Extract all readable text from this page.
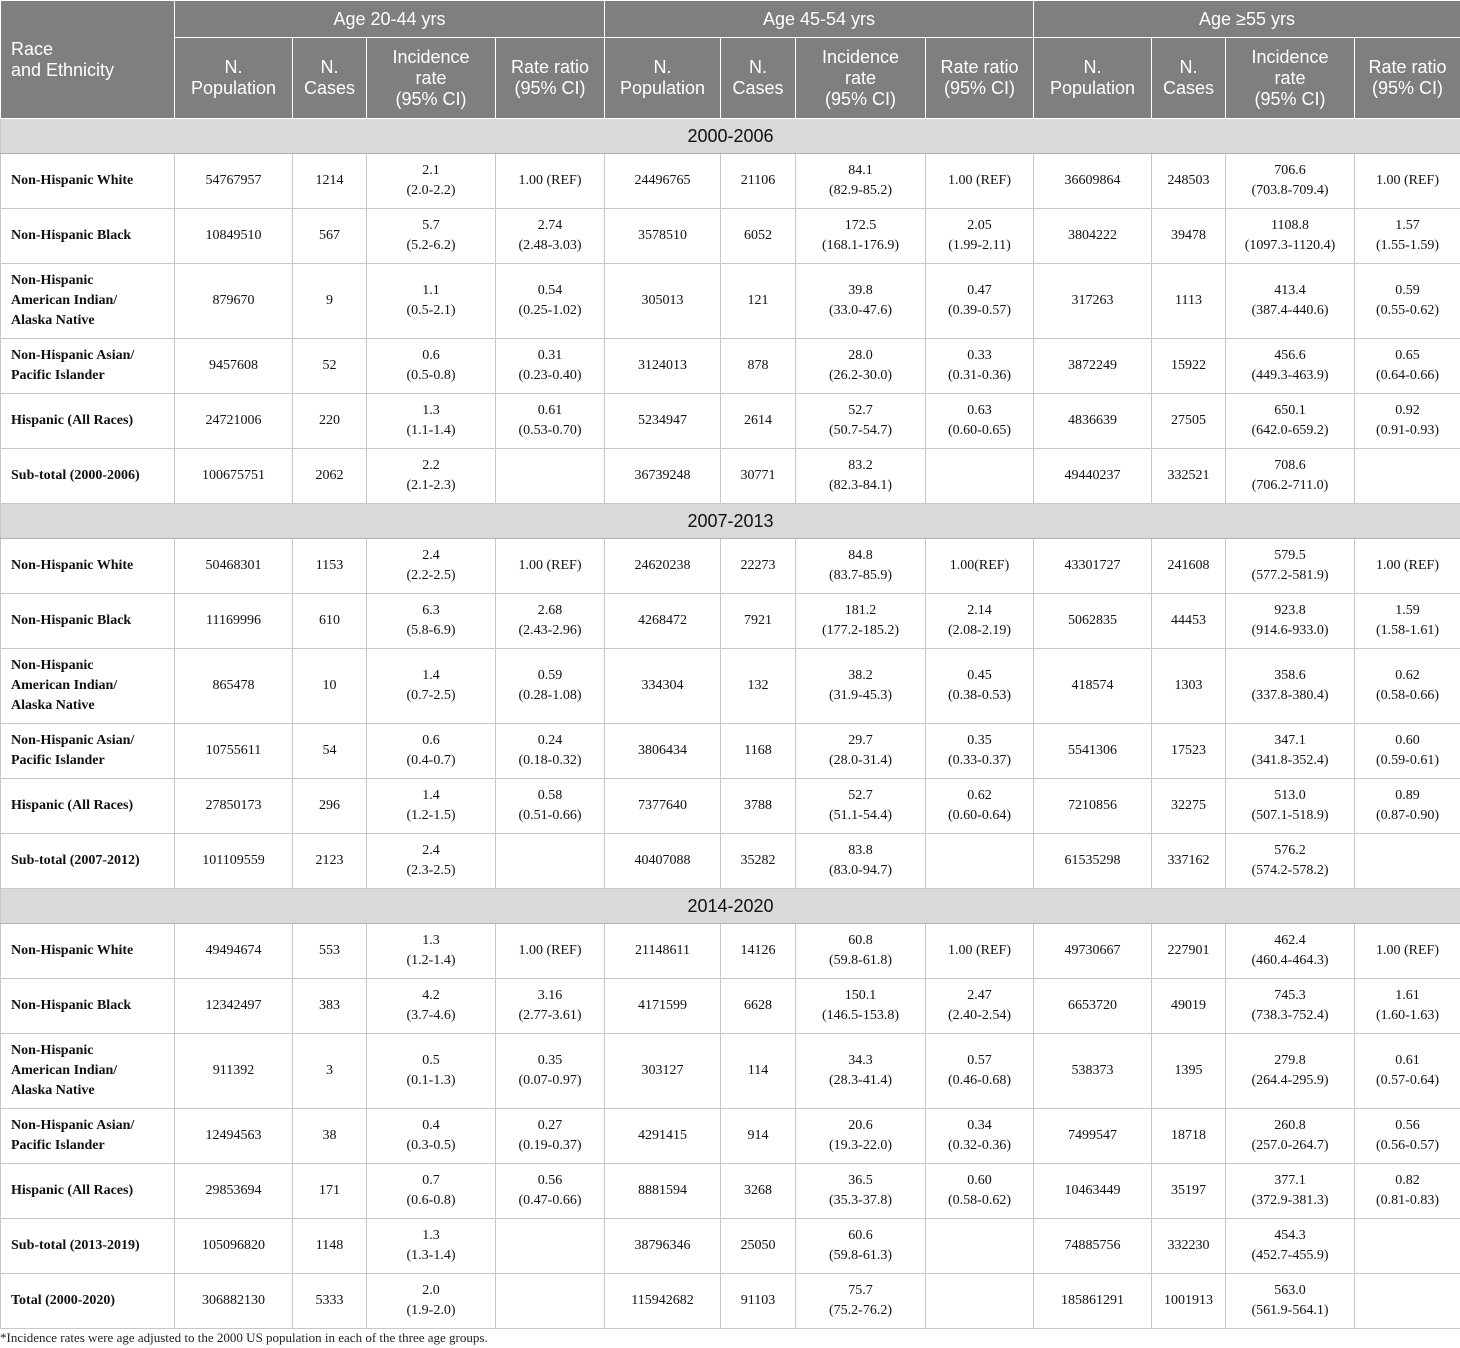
Race
and Ethnicity	Age 20-44 yrs				Age 45-54 yrs				Age ≥55 yrs			
	N.
Population	N.
Cases	Incidence
rate
(95% CI)	Rate ratio
(95% CI)	N.
Population	N.
Cases	Incidence
rate
(95% CI)	Rate ratio
(95% CI)	N.
Population	N.
Cases	Incidence
rate
(95% CI)	Rate ratio
(95% CI)
2000-2006												
Non-Hispanic White	54767957	1214	2.1
(2.0-2.2)	1.00 (REF)	24496765	21106	84.1
(82.9-85.2)	1.00 (REF)	36609864	248503	706.6
(703.8-709.4)	1.00 (REF)

Non-Hispanic Black	10849510	567	5.7
(5.2-6.2)	2.74
(2.48-3.03)	3578510	6052	172.5
(168.1-176.9)	2.05
(1.99-2.11)	3804222	39478	1108.8
(1097.3-1120.4)	1.57
(1.55-1.59)

Non-Hispanic
American Indian/
Alaska Native	879670	9	1.1
(0.5-2.1)	0.54
(0.25-1.02)	305013	121	39.8
(33.0-47.6)	0.47
(0.39-0.57)	317263	1113	413.4
(387.4-440.6)	0.59
(0.55-0.62)

Non-Hispanic Asian/
Pacific Islander	9457608	52	0.6
(0.5-0.8)	0.31
(0.23-0.40)	3124013	878	28.0
(26.2-30.0)	0.33
(0.31-0.36)	3872249	15922	456.6
(449.3-463.9)	0.65
(0.64-0.66)

Hispanic (All Races)	24721006	220	1.3
(1.1-1.4)	0.61
(0.53-0.70)	5234947	2614	52.7
(50.7-54.7)	0.63
(0.60-0.65)	4836639	27505	650.1
(642.0-659.2)	0.92
(0.91-0.93)

Sub-total (2000-2006)	100675751	2062	2.2
(2.1-2.3)		36739248	30771	83.2
(82.3-84.1)		49440237	332521	708.6
(706.2-711.0)	

2007-2013												
Non-Hispanic White	50468301	1153	2.4
(2.2-2.5)	1.00 (REF)	24620238	22273	84.8
(83.7-85.9)	1.00(REF)	43301727	241608	579.5
(577.2-581.9)	1.00 (REF)

Non-Hispanic Black	11169996	610	6.3
(5.8-6.9)	2.68
(2.43-2.96)	4268472	7921	181.2
(177.2-185.2)	2.14
(2.08-2.19)	5062835	44453	923.8
(914.6-933.0)	1.59
(1.58-1.61)

Non-Hispanic
American Indian/
Alaska Native	865478	10	1.4
(0.7-2.5)	0.59
(0.28-1.08)	334304	132	38.2
(31.9-45.3)	0.45
(0.38-0.53)	418574	1303	358.6
(337.8-380.4)	0.62
(0.58-0.66)

Non-Hispanic Asian/
Pacific Islander	10755611	54	0.6
(0.4-0.7)	0.24
(0.18-0.32)	3806434	1168	29.7
(28.0-31.4)	0.35
(0.33-0.37)	5541306	17523	347.1
(341.8-352.4)	0.60
(0.59-0.61)

Hispanic (All Races)	27850173	296	1.4
(1.2-1.5)	0.58
(0.51-0.66)	7377640	3788	52.7
(51.1-54.4)	0.62
(0.60-0.64)	7210856	32275	513.0
(507.1-518.9)	0.89
(0.87-0.90)

Sub-total (2007-2012)	101109559	2123	2.4
(2.3-2.5)		40407088	35282	83.8
(83.0-94.7)		61535298	337162	576.2
(574.2-578.2)	

2014-2020												
Non-Hispanic White	49494674	553	1.3
(1.2-1.4)	1.00 (REF)	21148611	14126	60.8
(59.8-61.8)	1.00 (REF)	49730667	227901	462.4
(460.4-464.3)	1.00 (REF)

Non-Hispanic Black	12342497	383	4.2
(3.7-4.6)	3.16
(2.77-3.61)	4171599	6628	150.1
(146.5-153.8)	2.47
(2.40-2.54)	6653720	49019	745.3
(738.3-752.4)	1.61
(1.60-1.63)

Non-Hispanic
American Indian/
Alaska Native	911392	3	0.5
(0.1-1.3)	0.35
(0.07-0.97)	303127	114	34.3
(28.3-41.4)	0.57
(0.46-0.68)	538373	1395	279.8
(264.4-295.9)	0.61
(0.57-0.64)

Non-Hispanic Asian/
Pacific Islander	12494563	38	0.4
(0.3-0.5)	0.27
(0.19-0.37)	4291415	914	20.6
(19.3-22.0)	0.34
(0.32-0.36)	7499547	18718	260.8
(257.0-264.7)	0.56
(0.56-0.57)

Hispanic (All Races)	29853694	171	0.7
(0.6-0.8)	0.56
(0.47-0.66)	8881594	3268	36.5
(35.3-37.8)	0.60
(0.58-0.62)	10463449	35197	377.1
(372.9-381.3)	0.82
(0.81-0.83)

Sub-total (2013-2019)	105096820	1148	1.3
(1.3-1.4)		38796346	25050	60.6
(59.8-61.3)		74885756	332230	454.3
(452.7-455.9)	

Total (2000-2020)	306882130	5333	2.0
(1.9-2.0)		115942682	91103	75.7
(75.2-76.2)		185861291	1001913	563.0
(561.9-564.1)	

*Incidence rates were age adjusted to the 2000 US population in each of the three age groups.
